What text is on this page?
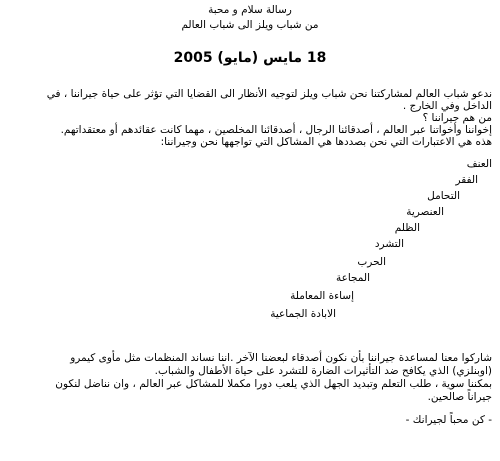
رسالة سلام و محبة
من شباب ويلز الى شباب العالم
18 مايس (مايو) 2005
ندعو شباب العالم لمشاركتنا نحن شباب ويلز لتوجيه الأنظار الى القضايا التي تؤثر على حياة جيراننا ، في
الداخل وفي الخارج .
من هم جيراننا ؟
إخواننا وأخواتنا عبر العالم ، أصدقائنا الرجال ، أصدقائنا المخلصين ، مهما كانت عقائدهم أو معتقداتهم.
هذه هي الاعتبارات التي نحن بصددها هي المشاكل التي تواجهها نحن وجيراننا:
العنف
الفقر
التحامل
العنصرية
الظلم
التشرد
الحرب
المجاعة
إساءة المعاملة
الابادة الجماعية
شاركوا معنا لمساعدة جيراننا بأن نكون أصدقاء لبعضنا الآخر .اننا نساند المنظمات مثل مأوى كيمرو
(اوبنلزي) الذي يكافح ضد التأثيرات الضارة للتشرد على حياة الأطفال والشباب.
بمكننا سوية ، طلب التعلم وتبديد الجهل الذي يلعب دورا مكملا للمشاكل عبر العالم ، وان نناضل لنكون
جيراناً صالحين.
- كن محباً لجيرانك -
